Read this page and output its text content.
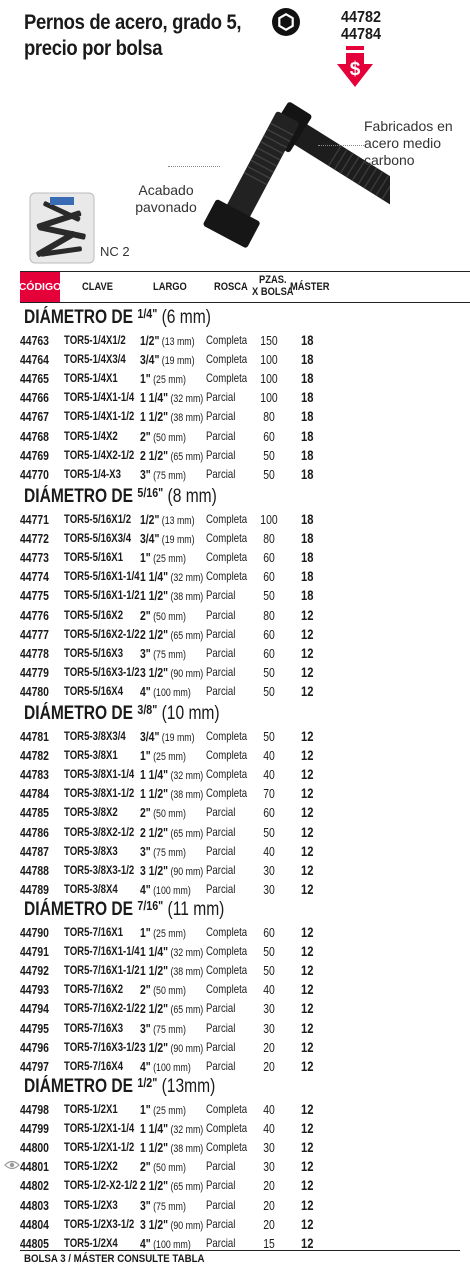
Pernos de acero, grado 5,
precio por bolsa
44782
44784
$
Acabado
pavonado
Fabricados en
acero medio
carbono
NC 2
CÓDIGO CLAVE	LARGO ROSCA
PZAS.
X BOLSA
MÁSTER
DIÁMETRO DE $^{1/4"}$ (6 mm)
44763 TOR5-1/4X1/2 1/2" (13 mm) Completa 150 18
44764 TOR5-1/4X3/4 3/4" (19 mm) Completa 100 18
44765 TOR5-1/4X1 1" (25 mm)	Completa 100 18
44766 TOR5-1/4X1-1/4 1 1/4" (32 mm) Parcial 100 18
44767 TOR5-1/4X1-1/2 1 1/2" (38 mm) Parcial 80 18
44768 TOR5-1/4X2 2" (50 mm)	Parcial 60 18
44769 TOR5-1/4X2-1/2 2 1/2" (65 mm) Parcial 50 18
44770 TOR5-1/4-X3 3" (75 mm)	Parcial 50 18
DIÁMETRO DE $^{5/16"}$ (8 mm)
44771 TOR5-5/16X1/2 1/2" (13 mm) Completa 100 18
44772 TOR5-5/16X3/4 3/4" (19 mm) Completa 80 18
44773 TOR5-5/16X1 1" (25 mm)	Completa 60 18
44774 TOR5-5/16X1-1/4 1 1/4" (32 mm) Completa 60 18
44775 TOR5-5/16X1-1/2 1 1/2" (38 mm) Parcial 50 18
44776 TOR5-5/16X2 2" (50 mm)	Parcial 80 12
44777 TOR5-5/16X2-1/2 2 1/2" (65 mm) Parcial 60 12
44778 TOR5-5/16X3 3" (75 mm)	Parcial 60 12
44779 TOR5-5/16X3-1/2 3 1/2" (90 mm) Parcial 50 12
44780 TOR5-5/16X4 4" (100 mm)	Parcial 50 12
DIÁMETRO DE $^{3/8"}$ (10 mm)
44781 TOR5-3/8X3/4 3/4" (19 mm) Completa 50 12
44782 TOR5-3/8X1 1" (25 mm)	Completa 40 12
44783 TOR5-3/8X1-1/4 1 1/4" (32 mm) Completa 40 12
44784 TOR5-3/8X1-1/2 1 1/2" (38 mm) Completa 70 12
44785 TOR5-3/8X2 2" (50 mm)	Parcial 60 12
44786 TOR5-3/8X2-1/2 2 1/2" (65 mm) Parcial 50 12
44787 TOR5-3/8X3 3" (75 mm)	Parcial 40 12
44788 TOR5-3/8X3-1/2 3 1/2" (90 mm) Parcial 30 12
44789 TOR5-3/8X4 4" (100 mm)	Parcial 30 12
DIÁMETRO DE $^{7/16"}$ (11 mm)
44790 TOR5-7/16X1 1" (25 mm)	Completa 60 12
44791 TOR5-7/16X1-1/4 1 1/4" (32 mm) Completa 50 12
44792 TOR5-7/16X1-1/2 1 1/2" (38 mm) Completa 50 12
44793 TOR5-7/16X2 2" (50 mm)	Completa 40 12
44794 TOR5-7/16X2-1/2 2 1/2" (65 mm) Parcial 30 12
44795 TOR5-7/16X3 3" (75 mm)	Parcial 30 12
44796 TOR5-7/16X3-1/2 3 1/2" (90 mm) Parcial 20 12
44797 TOR5-7/16X4 4" (100 mm)	Parcial 20 12
DIÁMETRO DE $^{1/2"}$ (13mm)
44798 TOR5-1/2X1 1" (25 mm)	Completa 40 12
44799 TOR5-1/2X1-1/4 1 1/4" (32 mm) Completa 40 12
44800 TOR5-1/2X1-1/2 1 1/2" (38 mm) Completa 30 12
44801 TOR5-1/2X2 2" (50 mm)	Parcial 30 12
44802 TOR5-1/2-X2-1/2 2 1/2" (65 mm) Parcial 20 12
44803 TOR5-1/2X3 3" (75 mm)	Parcial 20 12
44804 TOR5-1/2X3-1/2 3 1/2" (90 mm) Parcial 20 12
44805 TOR5-1/2X4 4" (100 mm)	Parcial 15 12
BOLSA 3 / MÁSTER CONSULTE TABLA
